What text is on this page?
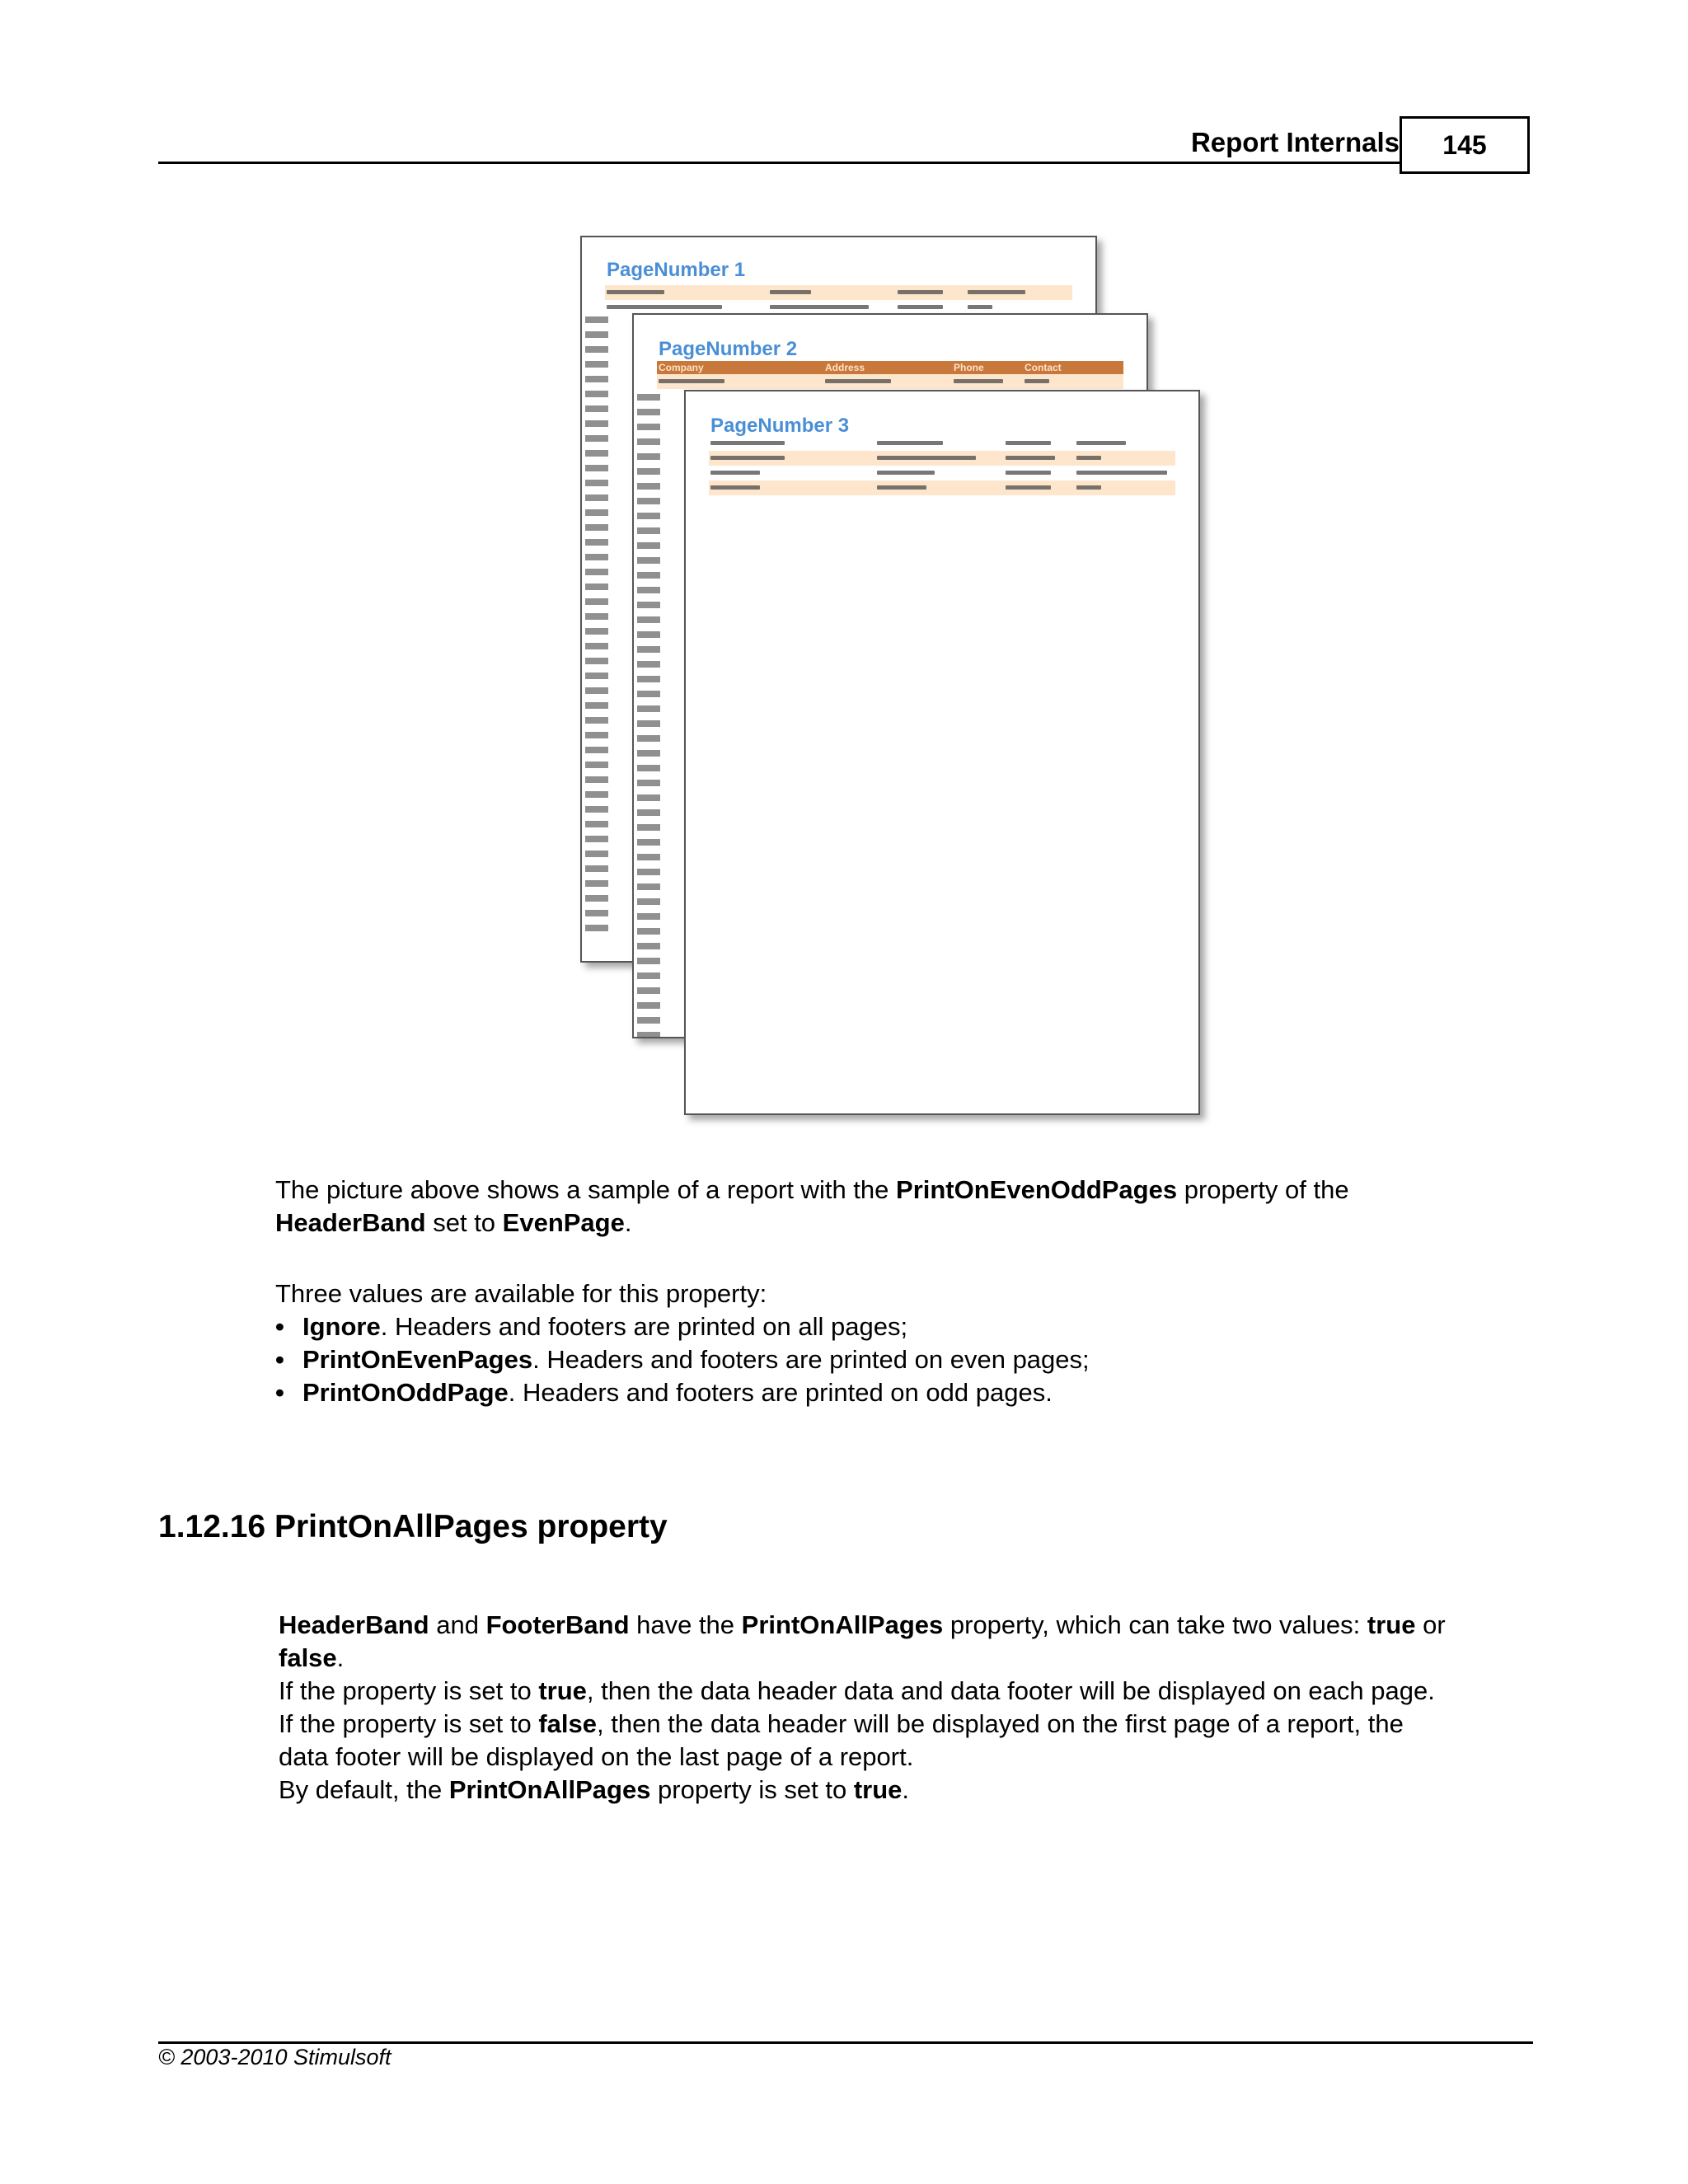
Report Internals	145
PageNumber 1
PageNumber 2
Company	Address	Phone	Contact
PageNumber 3
The picture above shows a sample of a report with the PrintOnEvenOddPages property of the
HeaderBand set to EvenPage.
Three values are available for this property:
• Ignore. Headers and footers are printed on all pages;
• PrintOnEvenPages. Headers and footers are printed on even pages;
• PrintOnOddPage. Headers and footers are printed on odd pages.
1.12.16 PrintOnAllPages property

HeaderBand and FooterBand have the PrintOnAllPages property, which can take two values: true or

false.

If the property is set to true, then the data header data and data footer will be displayed on each page.

If the property is set to false, then the data header will be displayed on the first page of a report, the

data footer will be displayed on the last page of a report.

By default, the PrintOnAllPages property is set to true.

© 2003-2010 Stimulsoft
